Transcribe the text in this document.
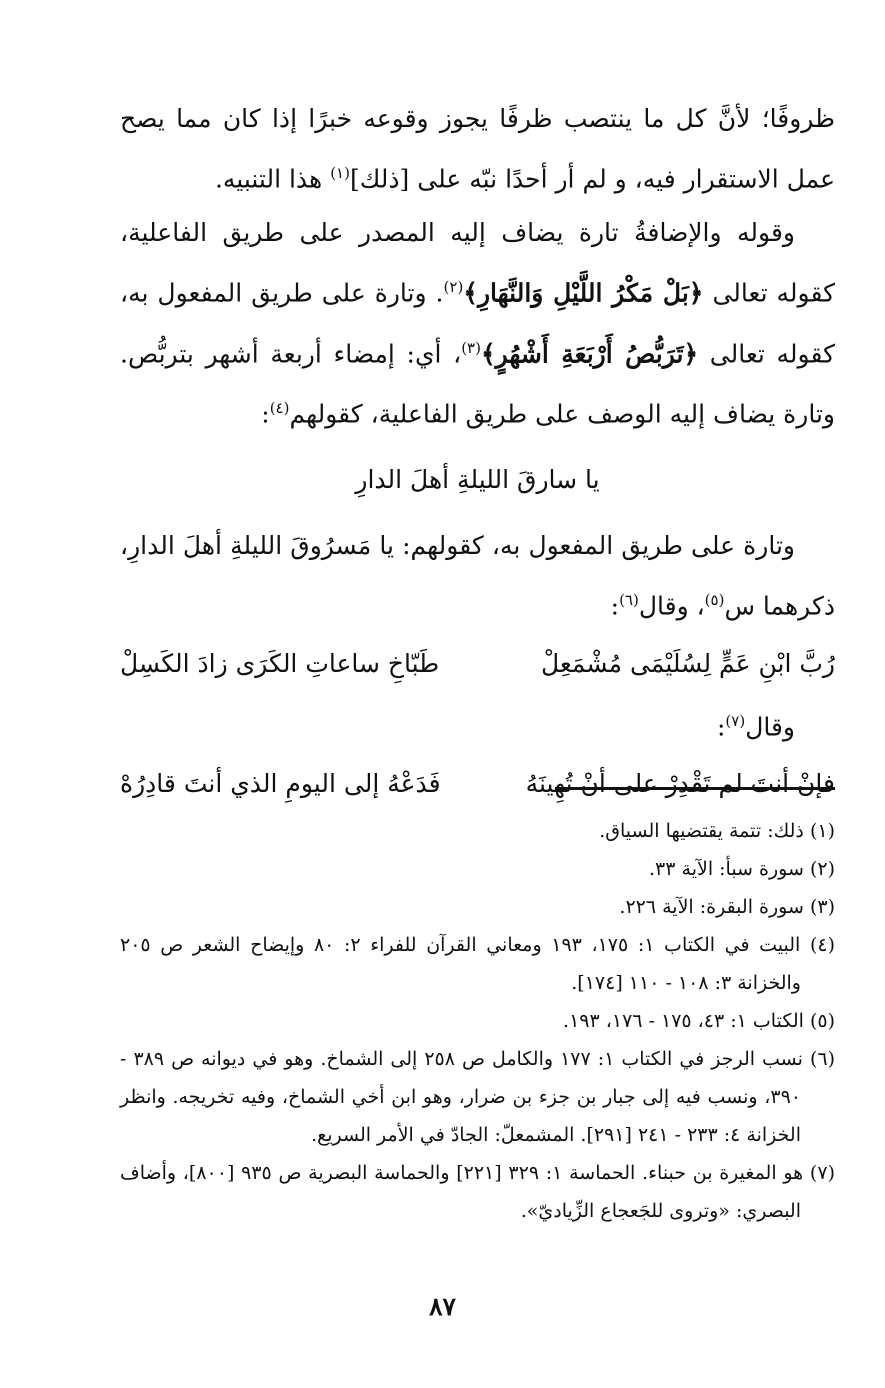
ظروفًا؛ لأنَّ كل ما ينتصب ظرفًا يجوز وقوعه خبرًا إذا كان مما يصح عمل الاستقرار فيه، و لم أر أحدًا نبّه على [ذلك]$^{(١)}$ هذا التنبيه.

وقوله والإضافةُ تارة يضاف إليه المصدر على طريق الفاعلية، كقوله تعالى ﴿بَلْ مَكْرُ اللَّيْلِ وَالنَّهَارِ﴾$^{(٢)}$. وتارة على طريق المفعول به، كقوله تعالى ﴿تَرَبُّصُ أَرْبَعَةِ أَشْهُرٍ﴾$^{(٣)}$، أي: إمضاء أربعة أشهر بتربُّص. وتارة يضاف إليه الوصف على طريق الفاعلية، كقولهم$^{(٤)}$:

يا سارقَ الليلةِ أهلَ الدارِ

وتارة على طريق المفعول به، كقولهم: يا مَسرُوقَ الليلةِ أهلَ الدارِ، ذكرهما س$^{(٥)}$، وقال$^{(٦)}$:

رُبَّ ابْنِ عَمٍّ لِسُلَيْمَى مُشْمَعِلْ
طَبّاخِ ساعاتِ الكَرَى زادَ الكَسِلْ

وقال$^{(٧)}$:

فإنْ أنتَ لم تَقْدِرْ على أنْ تُهِينَهُ
فَدَعْهُ إلى اليومِ الذي أنتَ قادِرُهْ

(١) ذلك: تتمة يقتضيها السياق.

(٢) سورة سبأ: الآية ٣٣.

(٣) سورة البقرة: الآية ٢٢٦.

(٤) البيت في الكتاب ١: ١٧٥، ١٩٣ ومعاني القرآن للفراء ٢: ٨٠ وإيضاح الشعر ص ٢٠٥ والخزانة ٣: ١٠٨ - ١١٠ [١٧٤].

(٥) الكتاب ١: ٤٣، ١٧٥ - ١٧٦، ١٩٣.

(٦) نسب الرجز في الكتاب ١: ١٧٧ والكامل ص ٢٥٨ إلى الشماخ. وهو في ديوانه ص ٣٨٩ - ٣٩٠، ونسب فيه إلى جبار بن جزء بن ضرار، وهو ابن أخي الشماخ، وفيه تخريجه. وانظر الخزانة ٤: ٢٣٣ - ٢٤١ [٢٩١]. المشمعلّ: الجادّ في الأمر السريع.

(٧) هو المغيرة بن حبناء. الحماسة ١: ٣٢٩ [٢٢١] والحماسة البصرية ص ٩٣٥ [٨٠٠]، وأضاف البصري: «وتروى للجَعجاع الزِّياديّ».

٨٧
